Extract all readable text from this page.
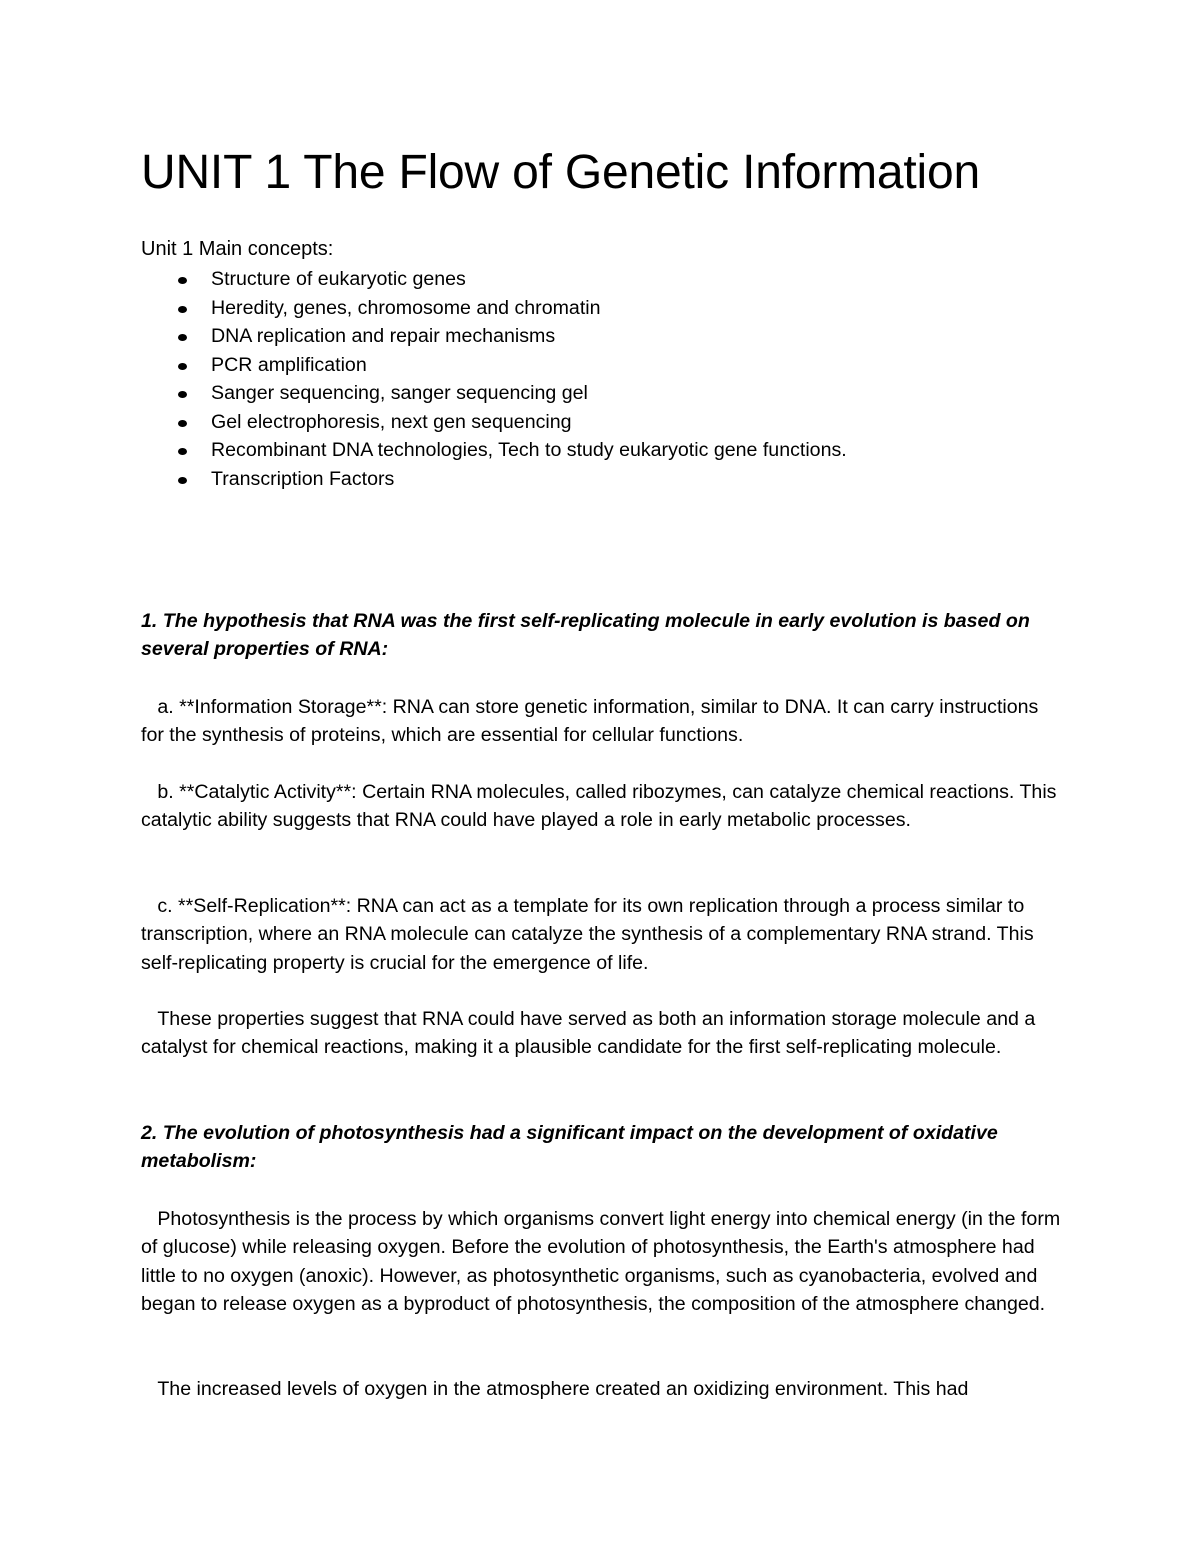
UNIT 1 The Flow of Genetic Information

Unit 1 Main concepts:

Structure of eukaryotic genes
Heredity, genes, chromosome and chromatin
DNA replication and repair mechanisms
PCR amplification
Sanger sequencing, sanger sequencing gel
Gel electrophoresis, next gen sequencing
Recombinant DNA technologies, Tech to study eukaryotic gene functions.
Transcription Factors

1. The hypothesis that RNA was the first self-replicating molecule in early evolution is based on several properties of RNA:

a. **Information Storage**: RNA can store genetic information, similar to DNA. It can carry instructions for the synthesis of proteins, which are essential for cellular functions.

b. **Catalytic Activity**: Certain RNA molecules, called ribozymes, can catalyze chemical reactions. This catalytic ability suggests that RNA could have played a role in early metabolic processes.

c. **Self-Replication**: RNA can act as a template for its own replication through a process similar to transcription, where an RNA molecule can catalyze the synthesis of a complementary RNA strand. This self-replicating property is crucial for the emergence of life.

These properties suggest that RNA could have served as both an information storage molecule and a catalyst for chemical reactions, making it a plausible candidate for the first self-replicating molecule.

2. The evolution of photosynthesis had a significant impact on the development of oxidative metabolism:

Photosynthesis is the process by which organisms convert light energy into chemical energy (in the form of glucose) while releasing oxygen. Before the evolution of photosynthesis, the Earth's atmosphere had little to no oxygen (anoxic). However, as photosynthetic organisms, such as cyanobacteria, evolved and began to release oxygen as a byproduct of photosynthesis, the composition of the atmosphere changed.

The increased levels of oxygen in the atmosphere created an oxidizing environment. This had
